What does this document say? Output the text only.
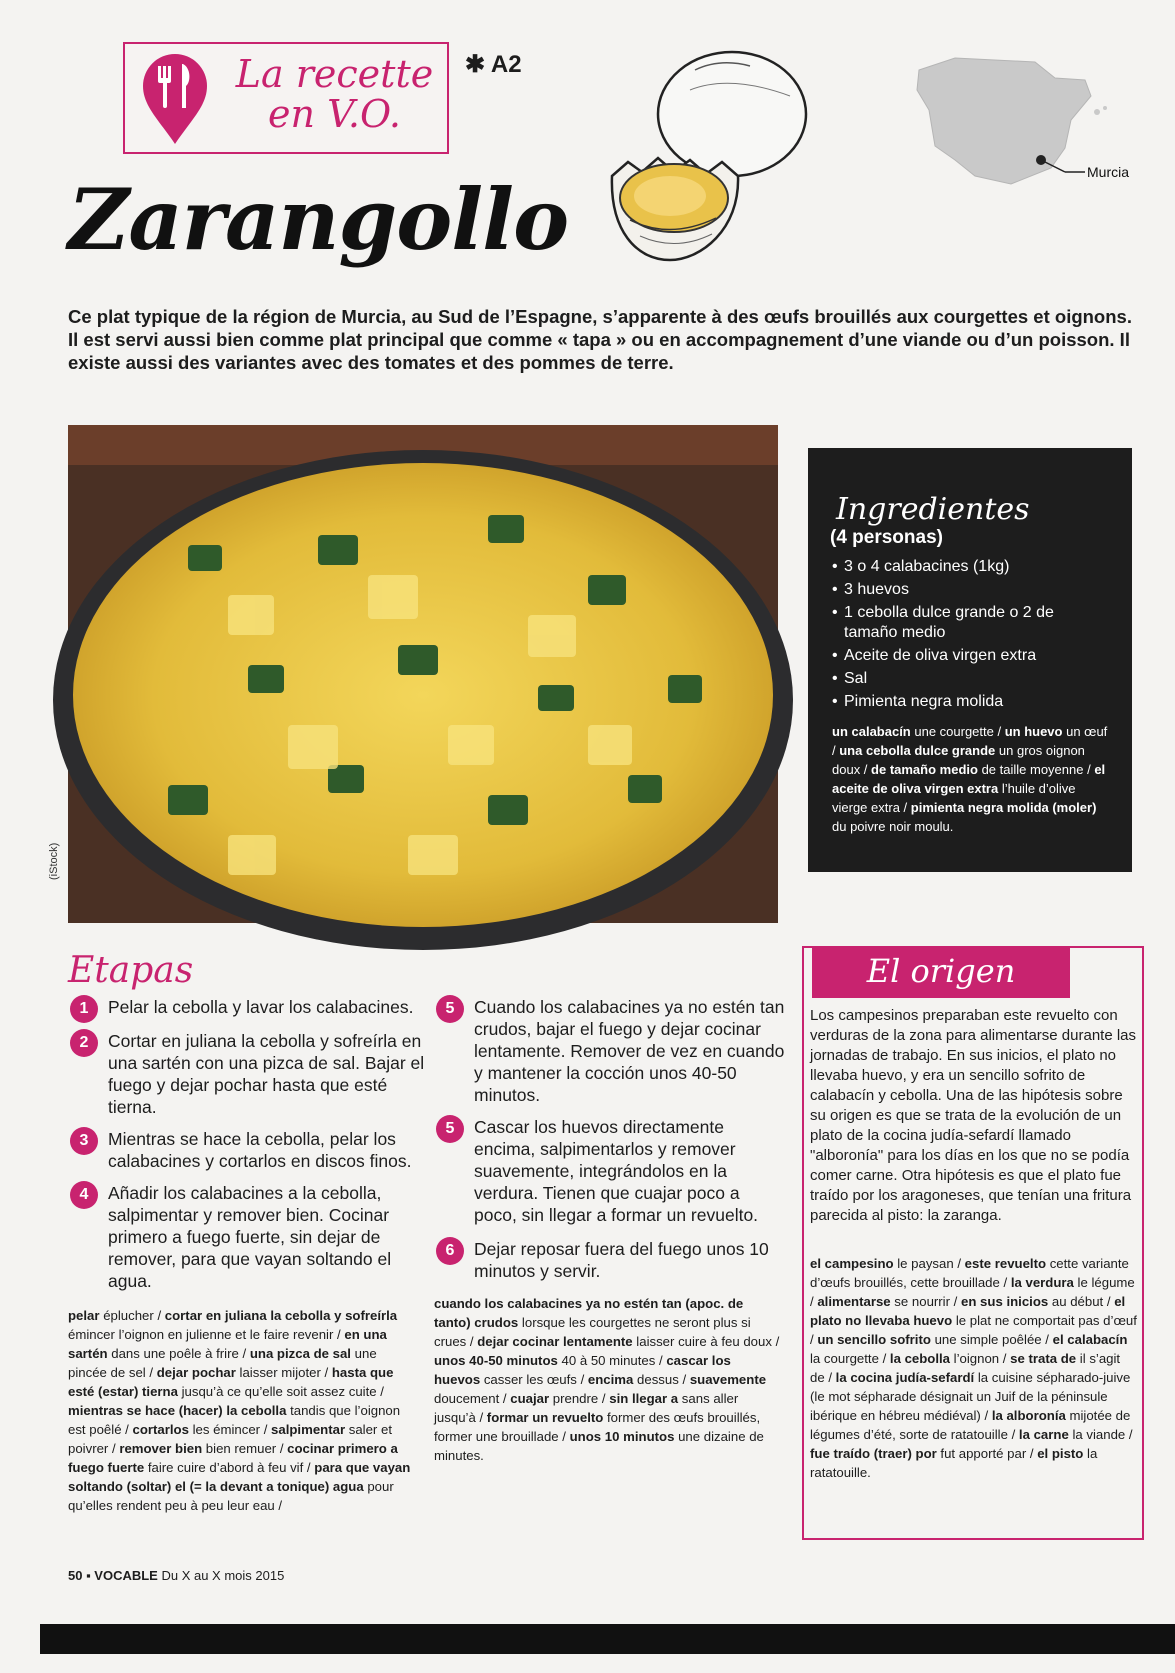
La recette en V.O.
✱ A2
Murcia
Zarangollo
Ce plat typique de la région de Murcia, au Sud de l’Espagne, s’apparente à des œufs brouillés aux courgettes et oignons. Il est servi aussi bien comme plat principal que comme « tapa » ou en accompagnement d’une viande ou d’un poisson. Il existe aussi des variantes avec des tomates et des pommes de terre.
(iStock)
Ingredientes
(4 personas)
• 3 o 4 calabacines (1kg)
• 3 huevos
• 1 cebolla dulce grande o 2 de tamaño medio
• Aceite de oliva virgen extra
• Sal
• Pimienta negra molida
un calabacín une courgette / un huevo un œuf / una cebolla dulce grande un gros oignon doux / de tamaño medio de taille moyenne / el aceite de oliva virgen extra l’huile d’olive vierge extra / pimienta negra molida (moler) du poivre noir moulu.
Etapas
1	Pelar la cebolla y lavar los calabacines.
2	Cortar en juliana la cebolla y sofreírla en una sartén con una pizca de sal. Bajar el fuego y dejar pochar hasta que esté tierna.
3	Mientras se hace la cebolla, pelar los calabacines y cortarlos en discos finos.
4	Añadir los calabacines a la cebolla, salpimentar y remover bien. Cocinar primero a fuego fuerte, sin dejar de remover, para que vayan soltando el agua.
5	Cuando los calabacines ya no estén tan crudos, bajar el fuego y dejar cocinar lentamente. Remover de vez en cuando y mantener la cocción unos 40-50 minutos.
5	Cascar los huevos directamente encima, salpimentarlos y remover suavemente, integrándolos en la verdura. Tienen que cuajar poco a poco, sin llegar a formar un revuelto.
6	Dejar reposar fuera del fuego unos 10 minutos y servir.
pelar éplucher / cortar en juliana la cebolla y sofreírla émincer l’oignon en julienne et le faire revenir / en una sartén dans une poêle à frire / una pizca de sal une pincée de sel / dejar pochar laisser mijoter / hasta que esté (estar) tierna jusqu’à ce qu’elle soit assez cuite / mientras se hace (hacer) la cebolla tandis que l’oignon est poêlé / cortarlos les émincer / salpimentar saler et poivrer / remover bien bien remuer / cocinar primero a fuego fuerte faire cuire d’abord à feu vif / para que vayan soltando (soltar) el (= la devant a tonique) agua pour qu’elles rendent peu à peu leur eau /
cuando los calabacines ya no estén tan (apoc. de tanto) crudos lorsque les courgettes ne seront plus si crues / dejar cocinar lentamente laisser cuire à feu doux / unos 40-50 minutos 40 à 50 minutes / cascar los huevos casser les œufs / encima dessus / suavemente doucement / cuajar prendre / sin llegar a sans aller jusqu’à / formar un revuelto former des œufs brouillés, former une brouillade / unos 10 minutos une dizaine de minutes.
El origen
Los campesinos preparaban este revuelto con verduras de la zona para alimentarse durante las jornadas de trabajo. En sus inicios, el plato no llevaba huevo, y era un sencillo sofrito de calabacín y cebolla. Una de las hipótesis sobre su origen es que se trata de la evolución de un plato de la cocina judía-sefardí llamado "alboronía" para los días en los que no se podía comer carne. Otra hipótesis es que el plato fue traído por los aragoneses, que tenían una fritura parecida al pisto: la zaranga.
el campesino le paysan / este revuelto cette variante d’œufs brouillés, cette brouillade / la verdura le légume / alimentarse se nourrir / en sus inicios au début / el plato no llevaba huevo le plat ne comportait pas d’œuf / un sencillo sofrito une simple poêlée / el calabacín la courgette / la cebolla l’oignon / se trata de il s’agit de / la cocina judía-sefardí la cuisine sépharado-juive (le mot sépharade désignait un Juif de la péninsule ibérique en hébreu médiéval) / la alboronía mijotée de légumes d’été, sorte de ratatouille / la carne la viande / fue traído (traer) por fut apporté par / el pisto la ratatouille.
50 ▪ VOCABLE Du X au X mois 2015
